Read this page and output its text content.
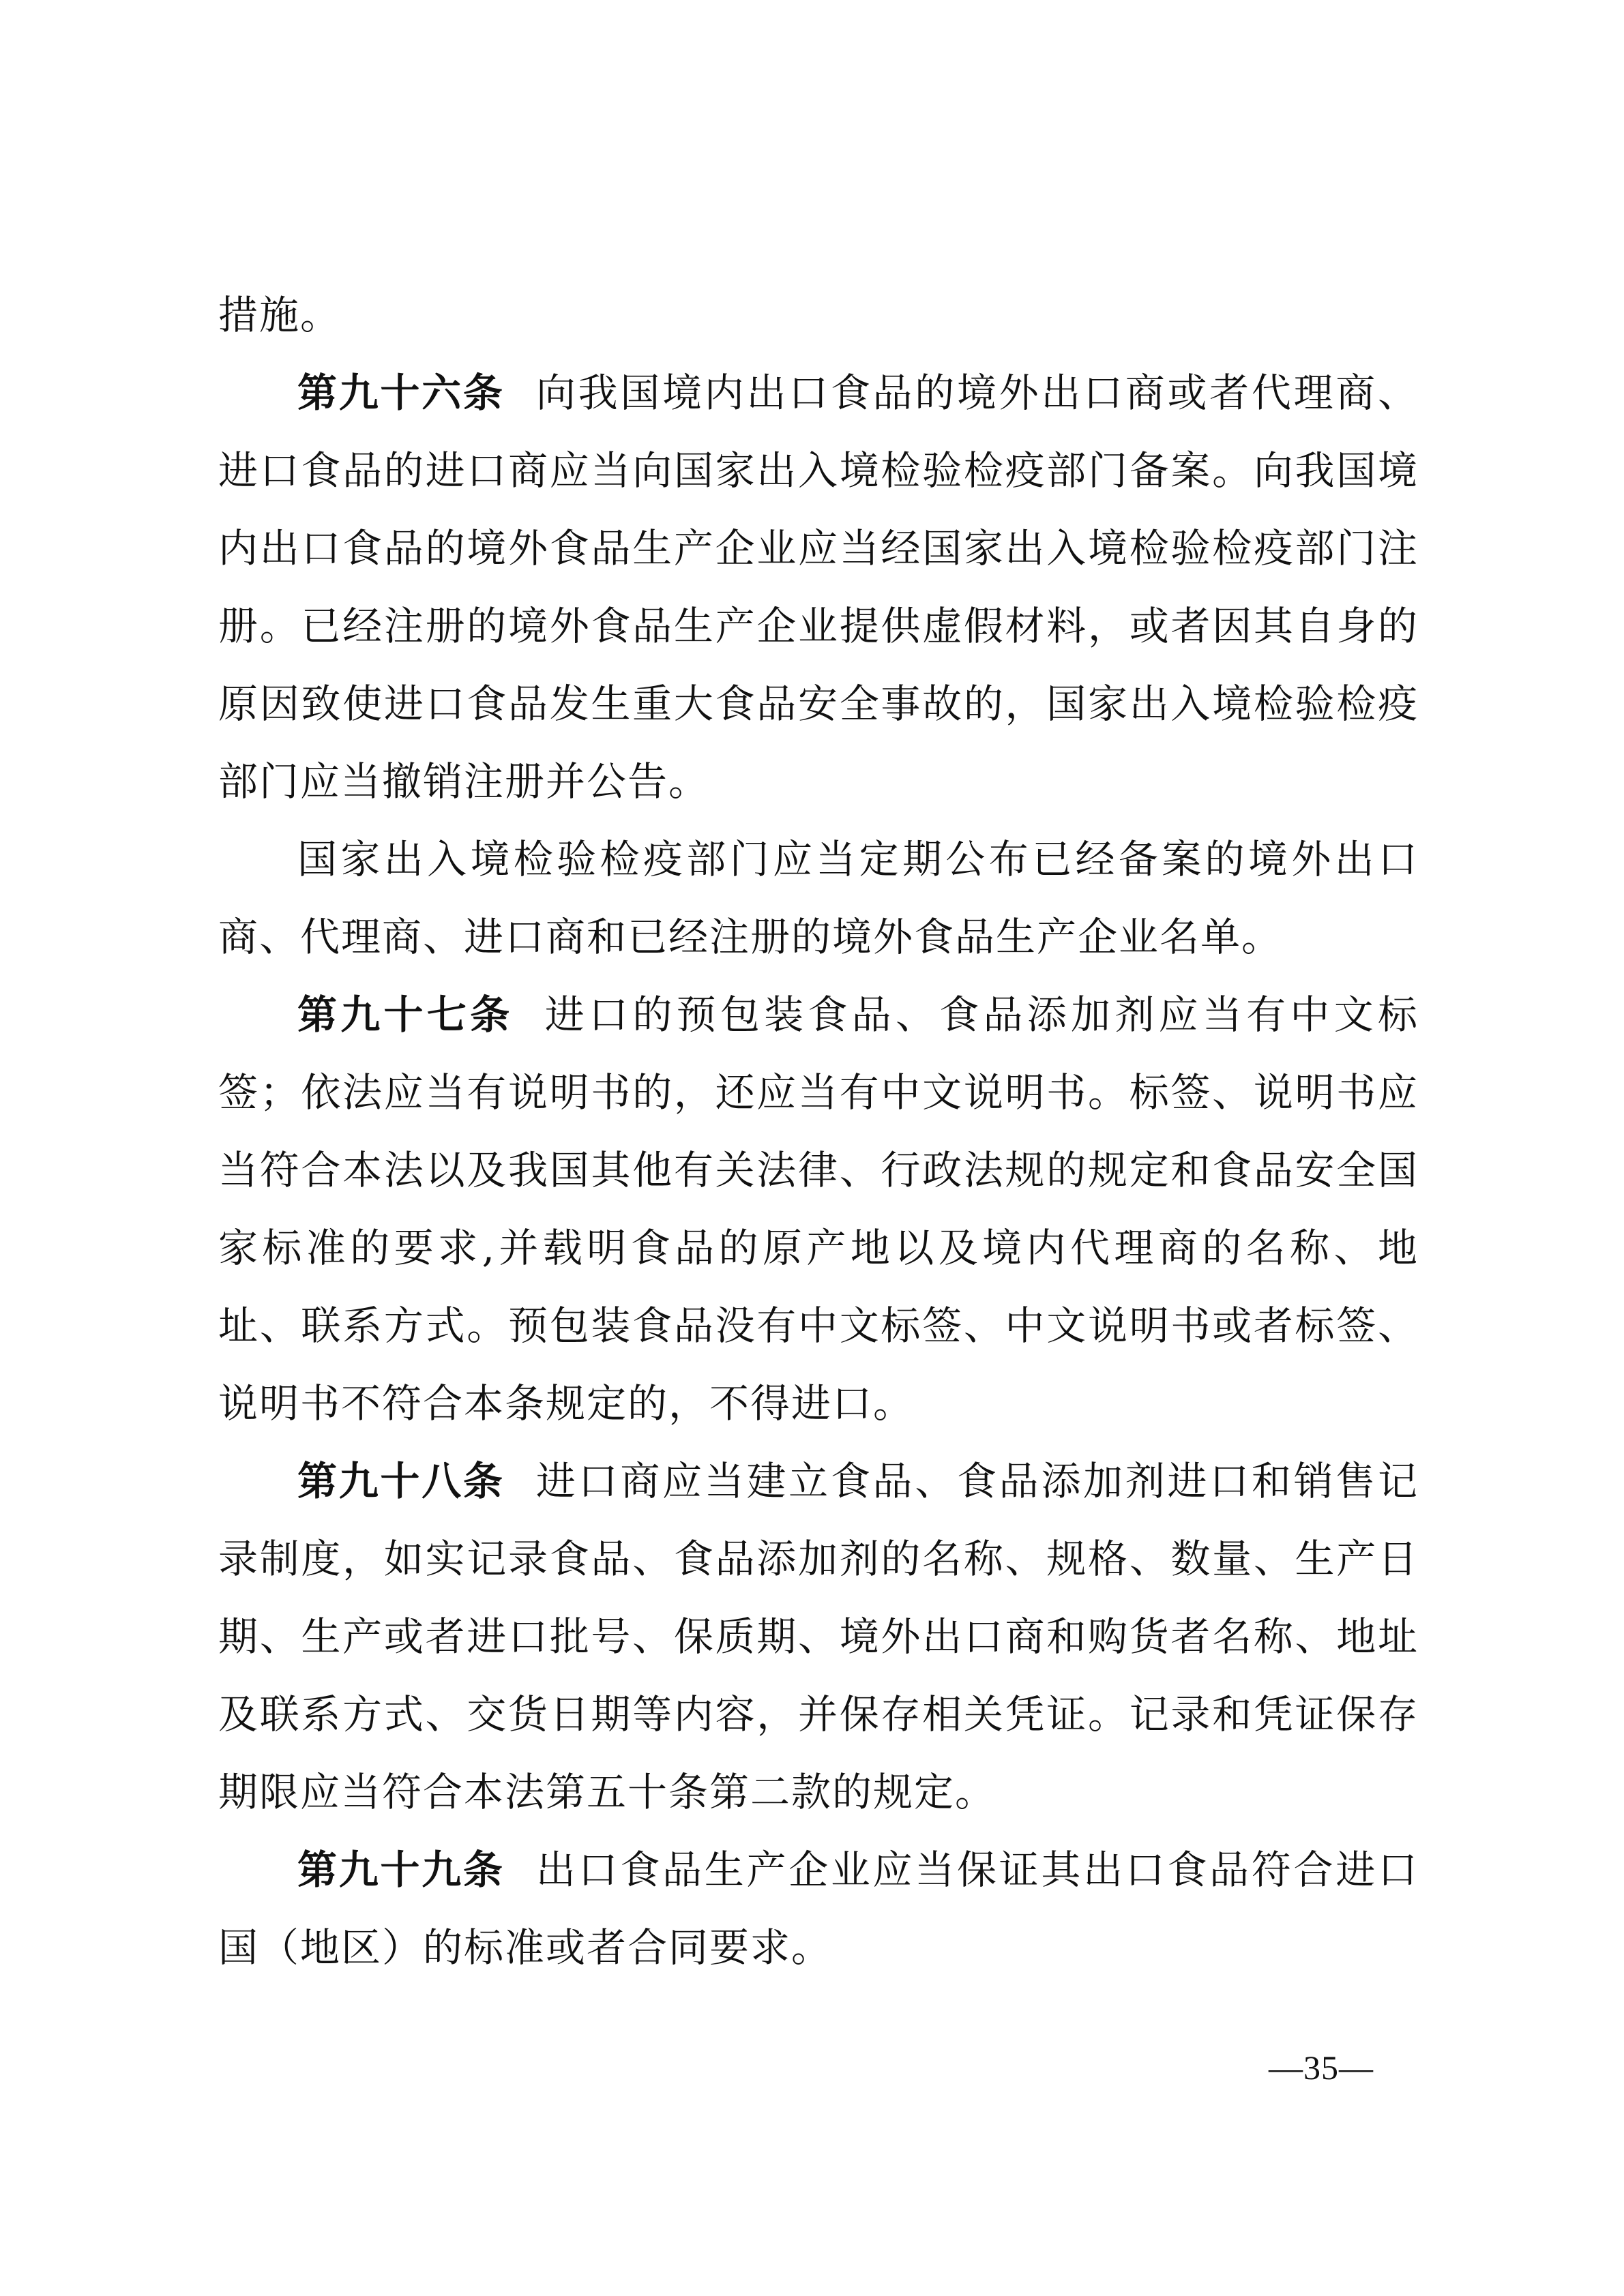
措施。

第九十六条 向我国境内出口食品的境外出口商或者代理商、进口食品的进口商应当向国家出入境检验检疫部门备案。向我国境内出口食品的境外食品生产企业应当经国家出入境检验检疫部门注册。已经注册的境外食品生产企业提供虚假材料，或者因其自身的原因致使进口食品发生重大食品安全事故的，国家出入境检验检疫部门应当撤销注册并公告。

国家出入境检验检疫部门应当定期公布已经备案的境外出口商、代理商、进口商和已经注册的境外食品生产企业名单。

第九十七条 进口的预包装食品、食品添加剂应当有中文标签；依法应当有说明书的，还应当有中文说明书。标签、说明书应当符合本法以及我国其他有关法律、行政法规的规定和食品安全国家标准的要求,并载明食品的原产地以及境内代理商的名称、地址、联系方式。预包装食品没有中文标签、中文说明书或者标签、说明书不符合本条规定的，不得进口。

第九十八条 进口商应当建立食品、食品添加剂进口和销售记录制度，如实记录食品、食品添加剂的名称、规格、数量、生产日期、生产或者进口批号、保质期、境外出口商和购货者名称、地址及联系方式、交货日期等内容，并保存相关凭证。记录和凭证保存期限应当符合本法第五十条第二款的规定。

第九十九条 出口食品生产企业应当保证其出口食品符合进口国（地区）的标准或者合同要求。

—35—
